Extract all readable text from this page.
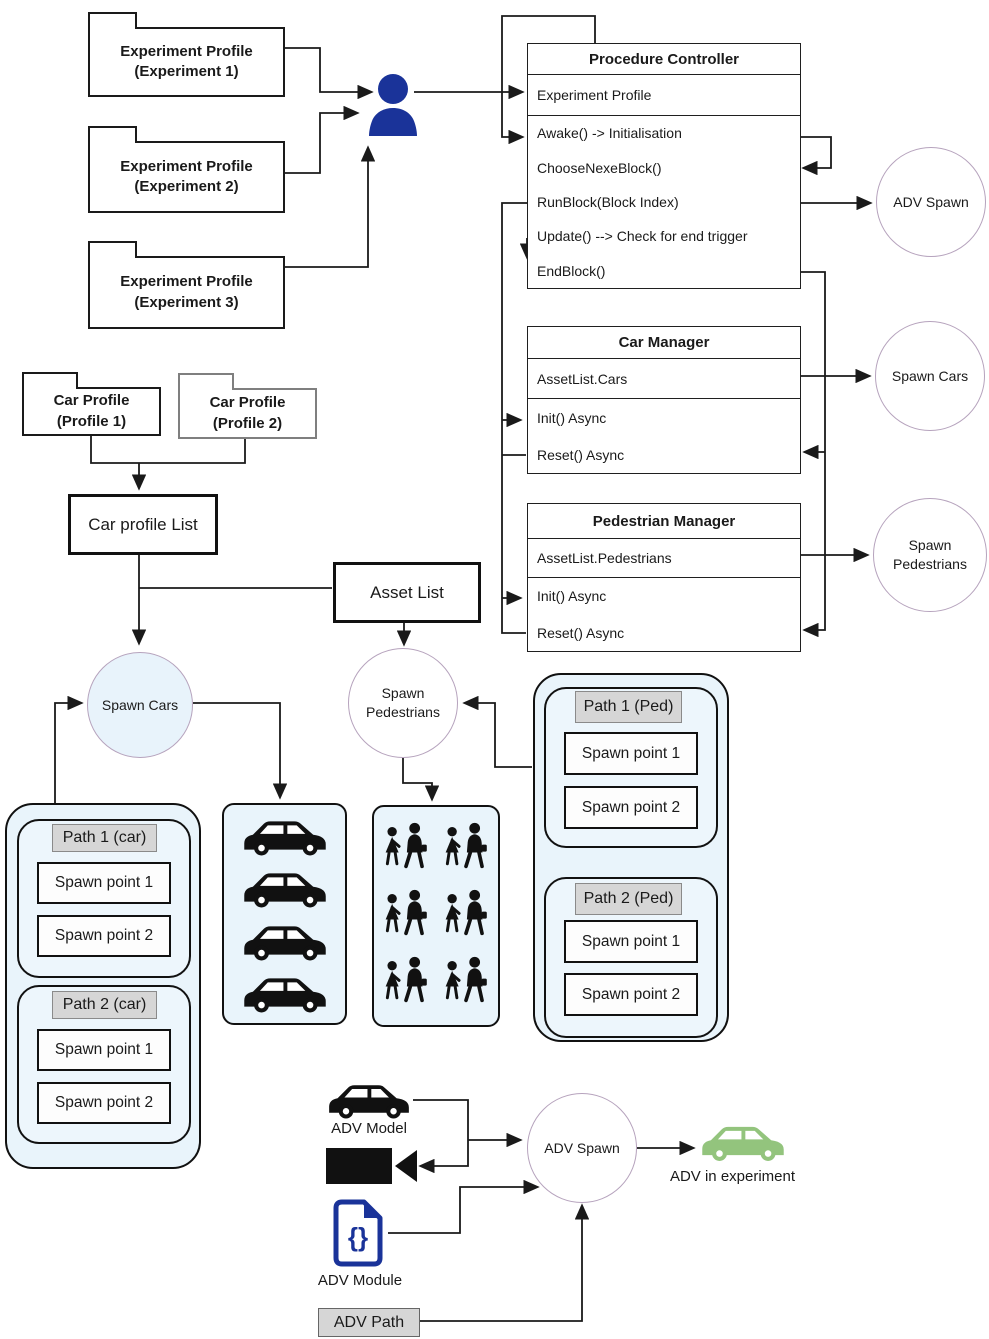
Experiment Profile
(Experiment 1)
Experiment Profile
(Experiment 2)
Experiment Profile
(Experiment 3)
Procedure Controller
Experiment Profile
Awake() -> Initialisation
ChooseNexeBlock()
RunBlock(Block Index)
Update() --> Check for end trigger
EndBlock()
Car Manager
AssetList.Cars
Init() Async
Reset() Async
Pedestrian Manager
AssetList.Pedestrians
Init() Async
Reset() Async
ADV Spawn
Spawn Cars
Spawn Pedestrians
Spawn Cars
Spawn Pedestrians
ADV Spawn
Car Profile
(Profile 1)
Car Profile
(Profile 2)
Car profile List
Asset List
Path 1 (car)
Spawn point 1
Spawn point 2
Path 2 (car)
Spawn point 1
Spawn point 2
Path 1 (Ped)
Spawn point 1
Spawn point 2
Path 2 (Ped)
Spawn point 1
Spawn point 2
ADV Model
{}
ADV Module
ADV Path
ADV in experiment
